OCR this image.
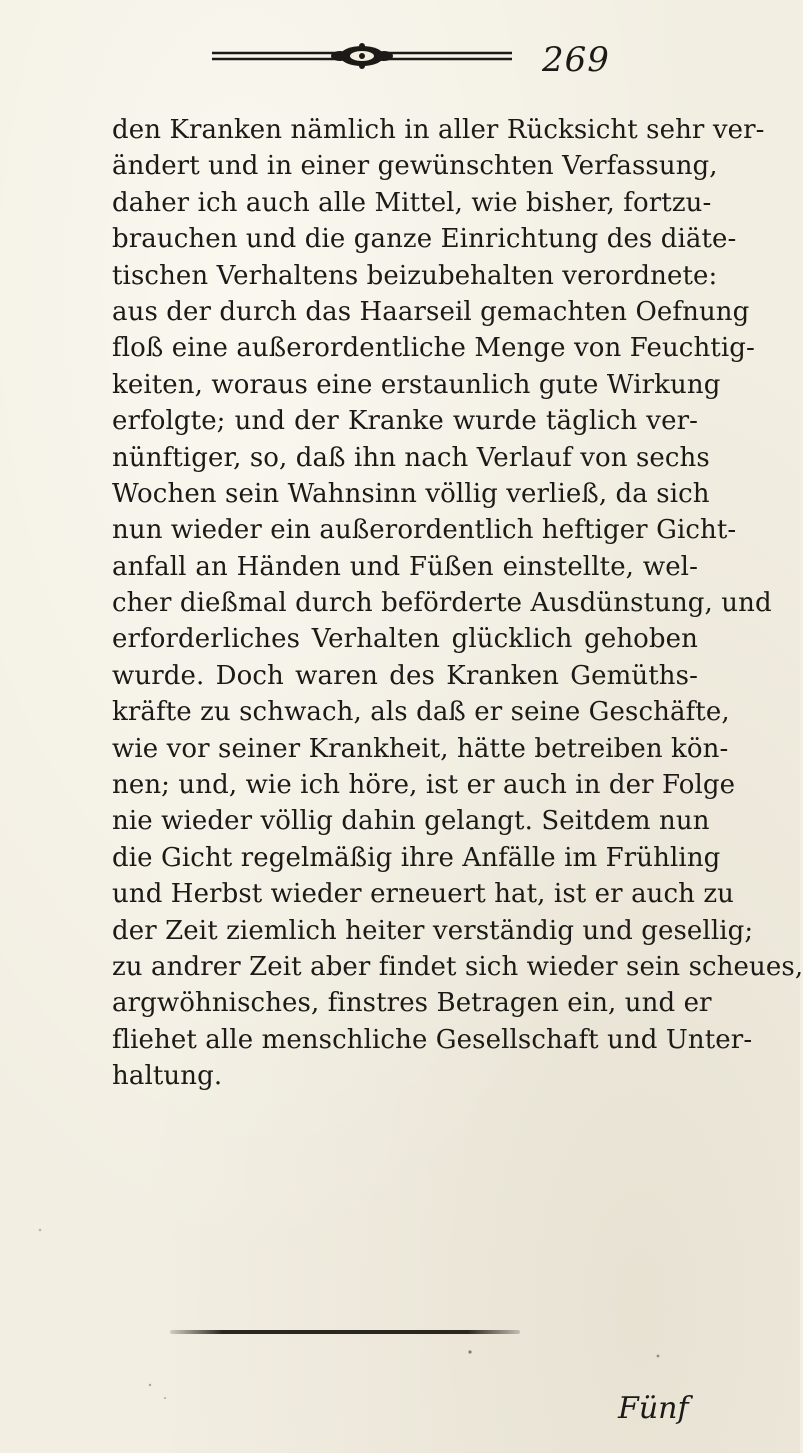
269
den Kranken nämlich in aller Rücksicht sehr ver-
ändert und in einer gewünschten Verfassung,
daher ich auch alle Mittel, wie bisher, fortzu-
brauchen und die ganze Einrichtung des diäte-
tischen Verhaltens beizubehalten verordnete:
aus der durch das Haarseil gemachten Oefnung
floß eine außerordentliche Menge von Feuchtig-
keiten, woraus eine erstaunlich gute Wirkung
erfolgte; und der Kranke wurde täglich ver-
nünftiger, so, daß ihn nach Verlauf von sechs
Wochen sein Wahnsinn völlig verließ, da sich
nun wieder ein außerordentlich heftiger Gicht-
anfall an Händen und Füßen einstellte, wel-
cher dießmal durch beförderte Ausdünstung, und
erforderliches Verhalten glücklich gehoben
wurde. Doch waren des Kranken Gemüths-
kräfte zu schwach, als daß er seine Geschäfte,
wie vor seiner Krankheit, hätte betreiben kön-
nen; und, wie ich höre, ist er auch in der Folge
nie wieder völlig dahin gelangt. Seitdem nun
die Gicht regelmäßig ihre Anfälle im Frühling
und Herbst wieder erneuert hat, ist er auch zu
der Zeit ziemlich heiter verständig und gesellig;
zu andrer Zeit aber findet sich wieder sein scheues,
argwöhnisches, finstres Betragen ein, und er
fliehet alle menschliche Gesellschaft und Unter-
haltung.
Fünf
